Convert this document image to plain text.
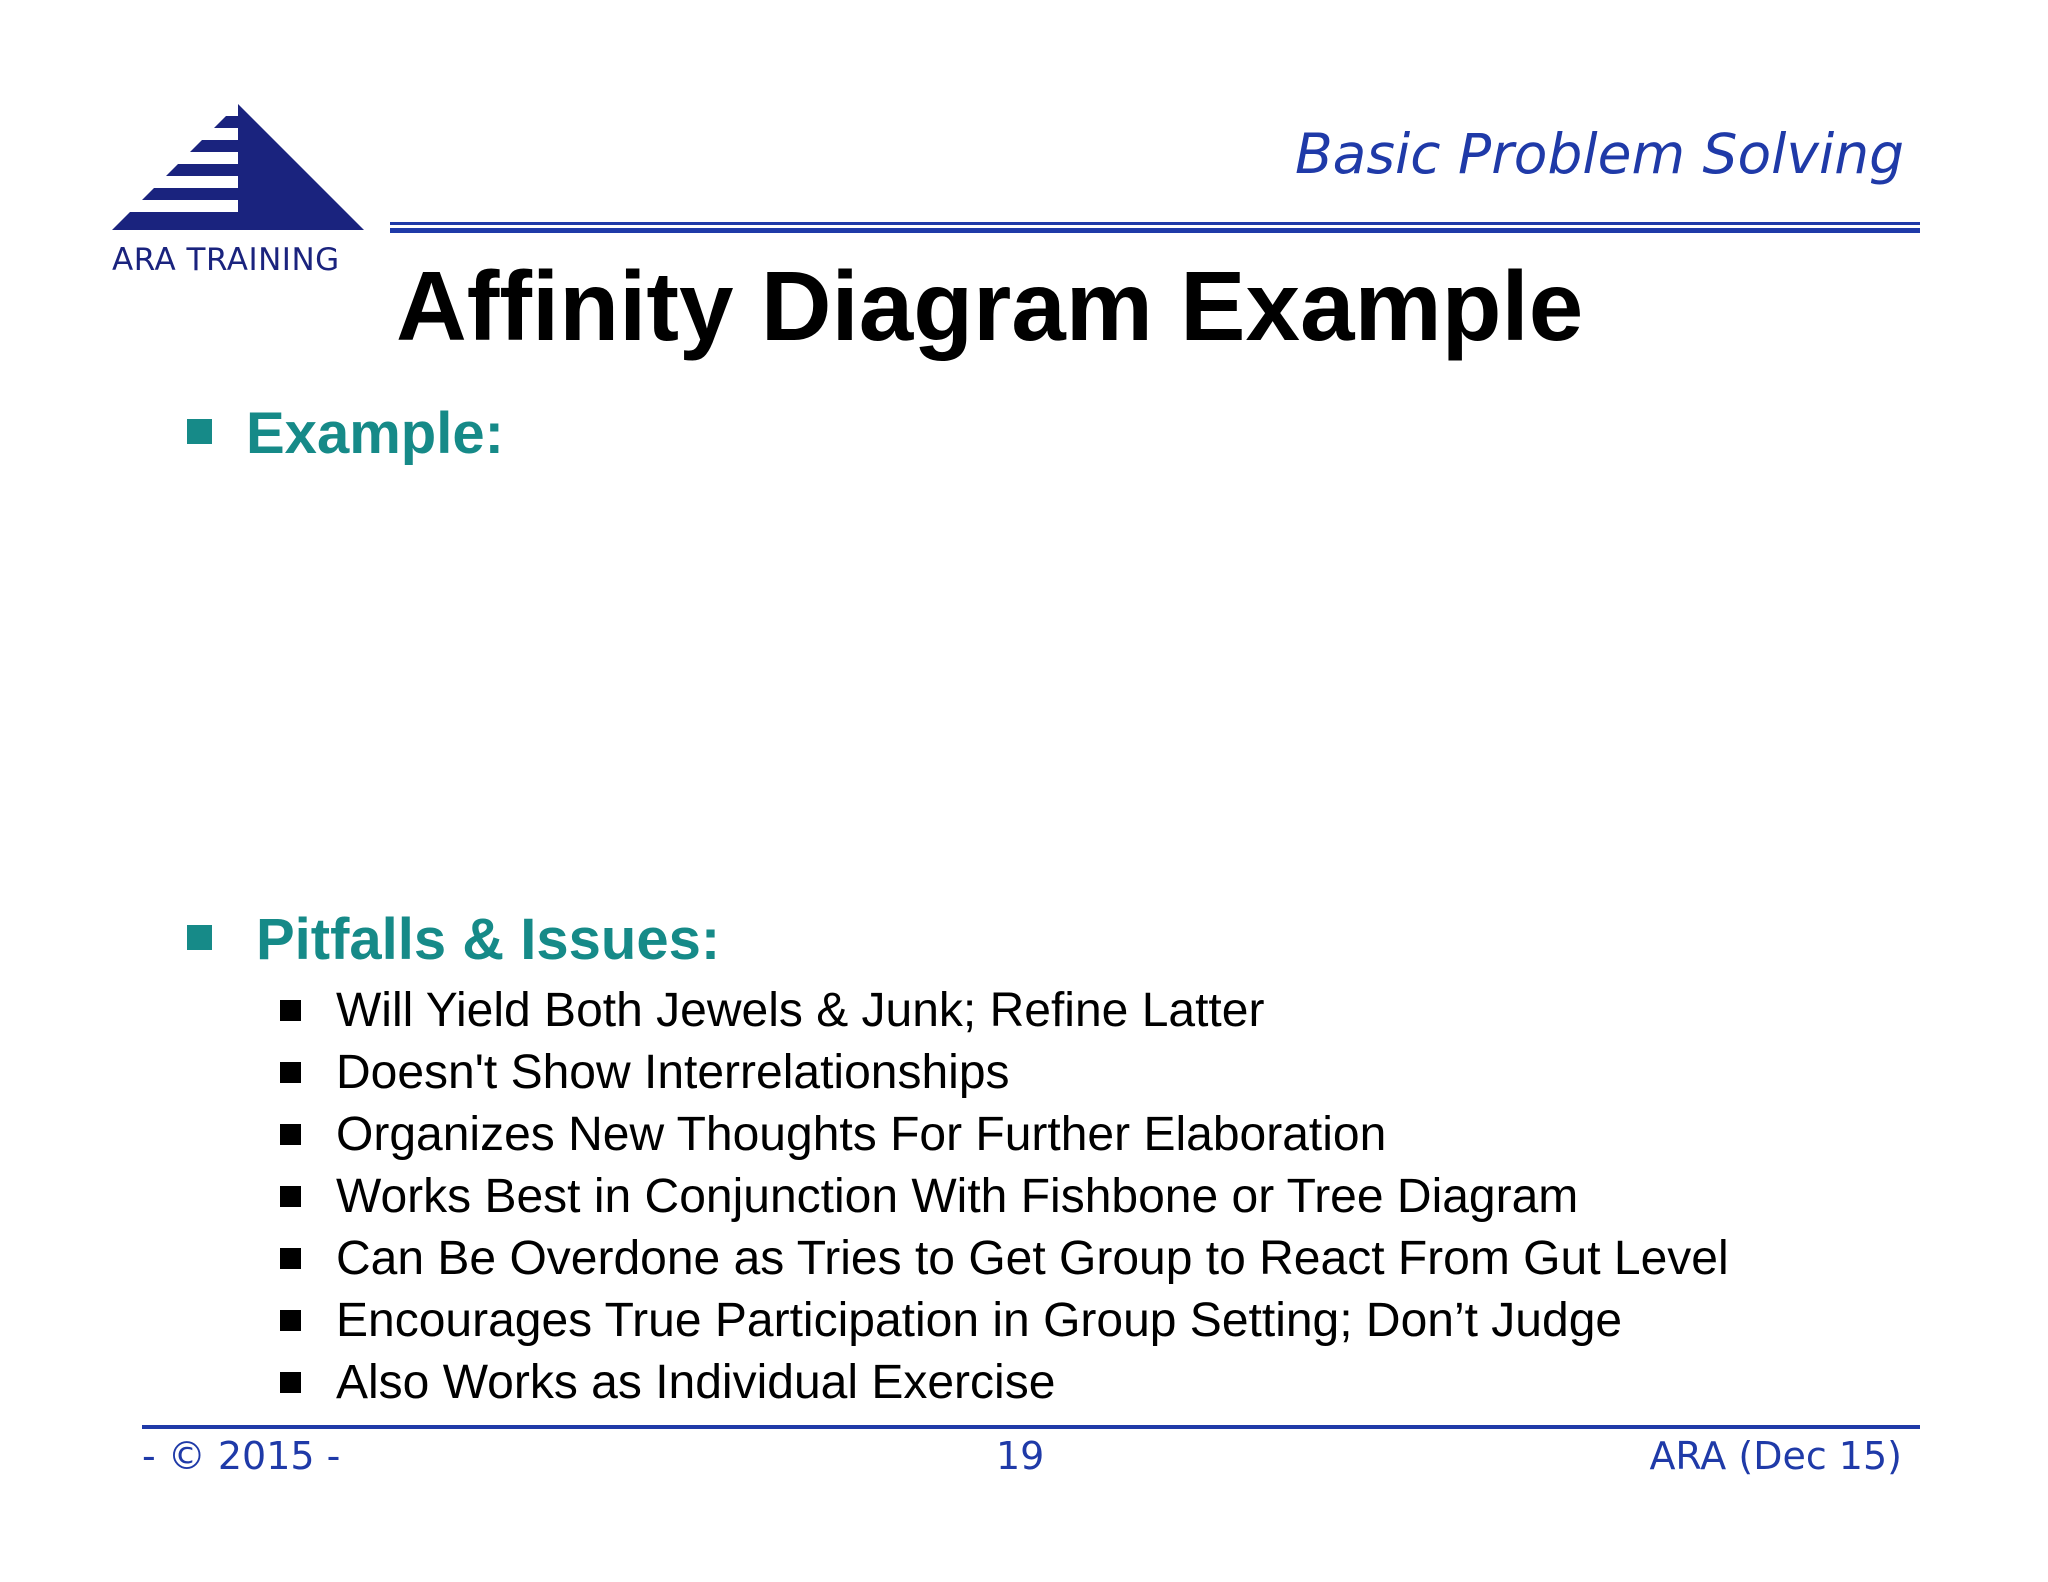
ARA TRAINING
Basic Problem Solving
Affinity Diagram Example
Example:
Pitfalls & Issues:
Will Yield Both Jewels & Junk; Refine Latter
Doesn't Show Interrelationships
Organizes New Thoughts For Further Elaboration
Works Best in Conjunction With Fishbone or Tree Diagram
Can Be Overdone as Tries to Get Group to React From Gut Level
Encourages True Participation in Group Setting; Don’t Judge
Also Works as Individual Exercise
- © 2015 -	19	ARA (Dec 15)
